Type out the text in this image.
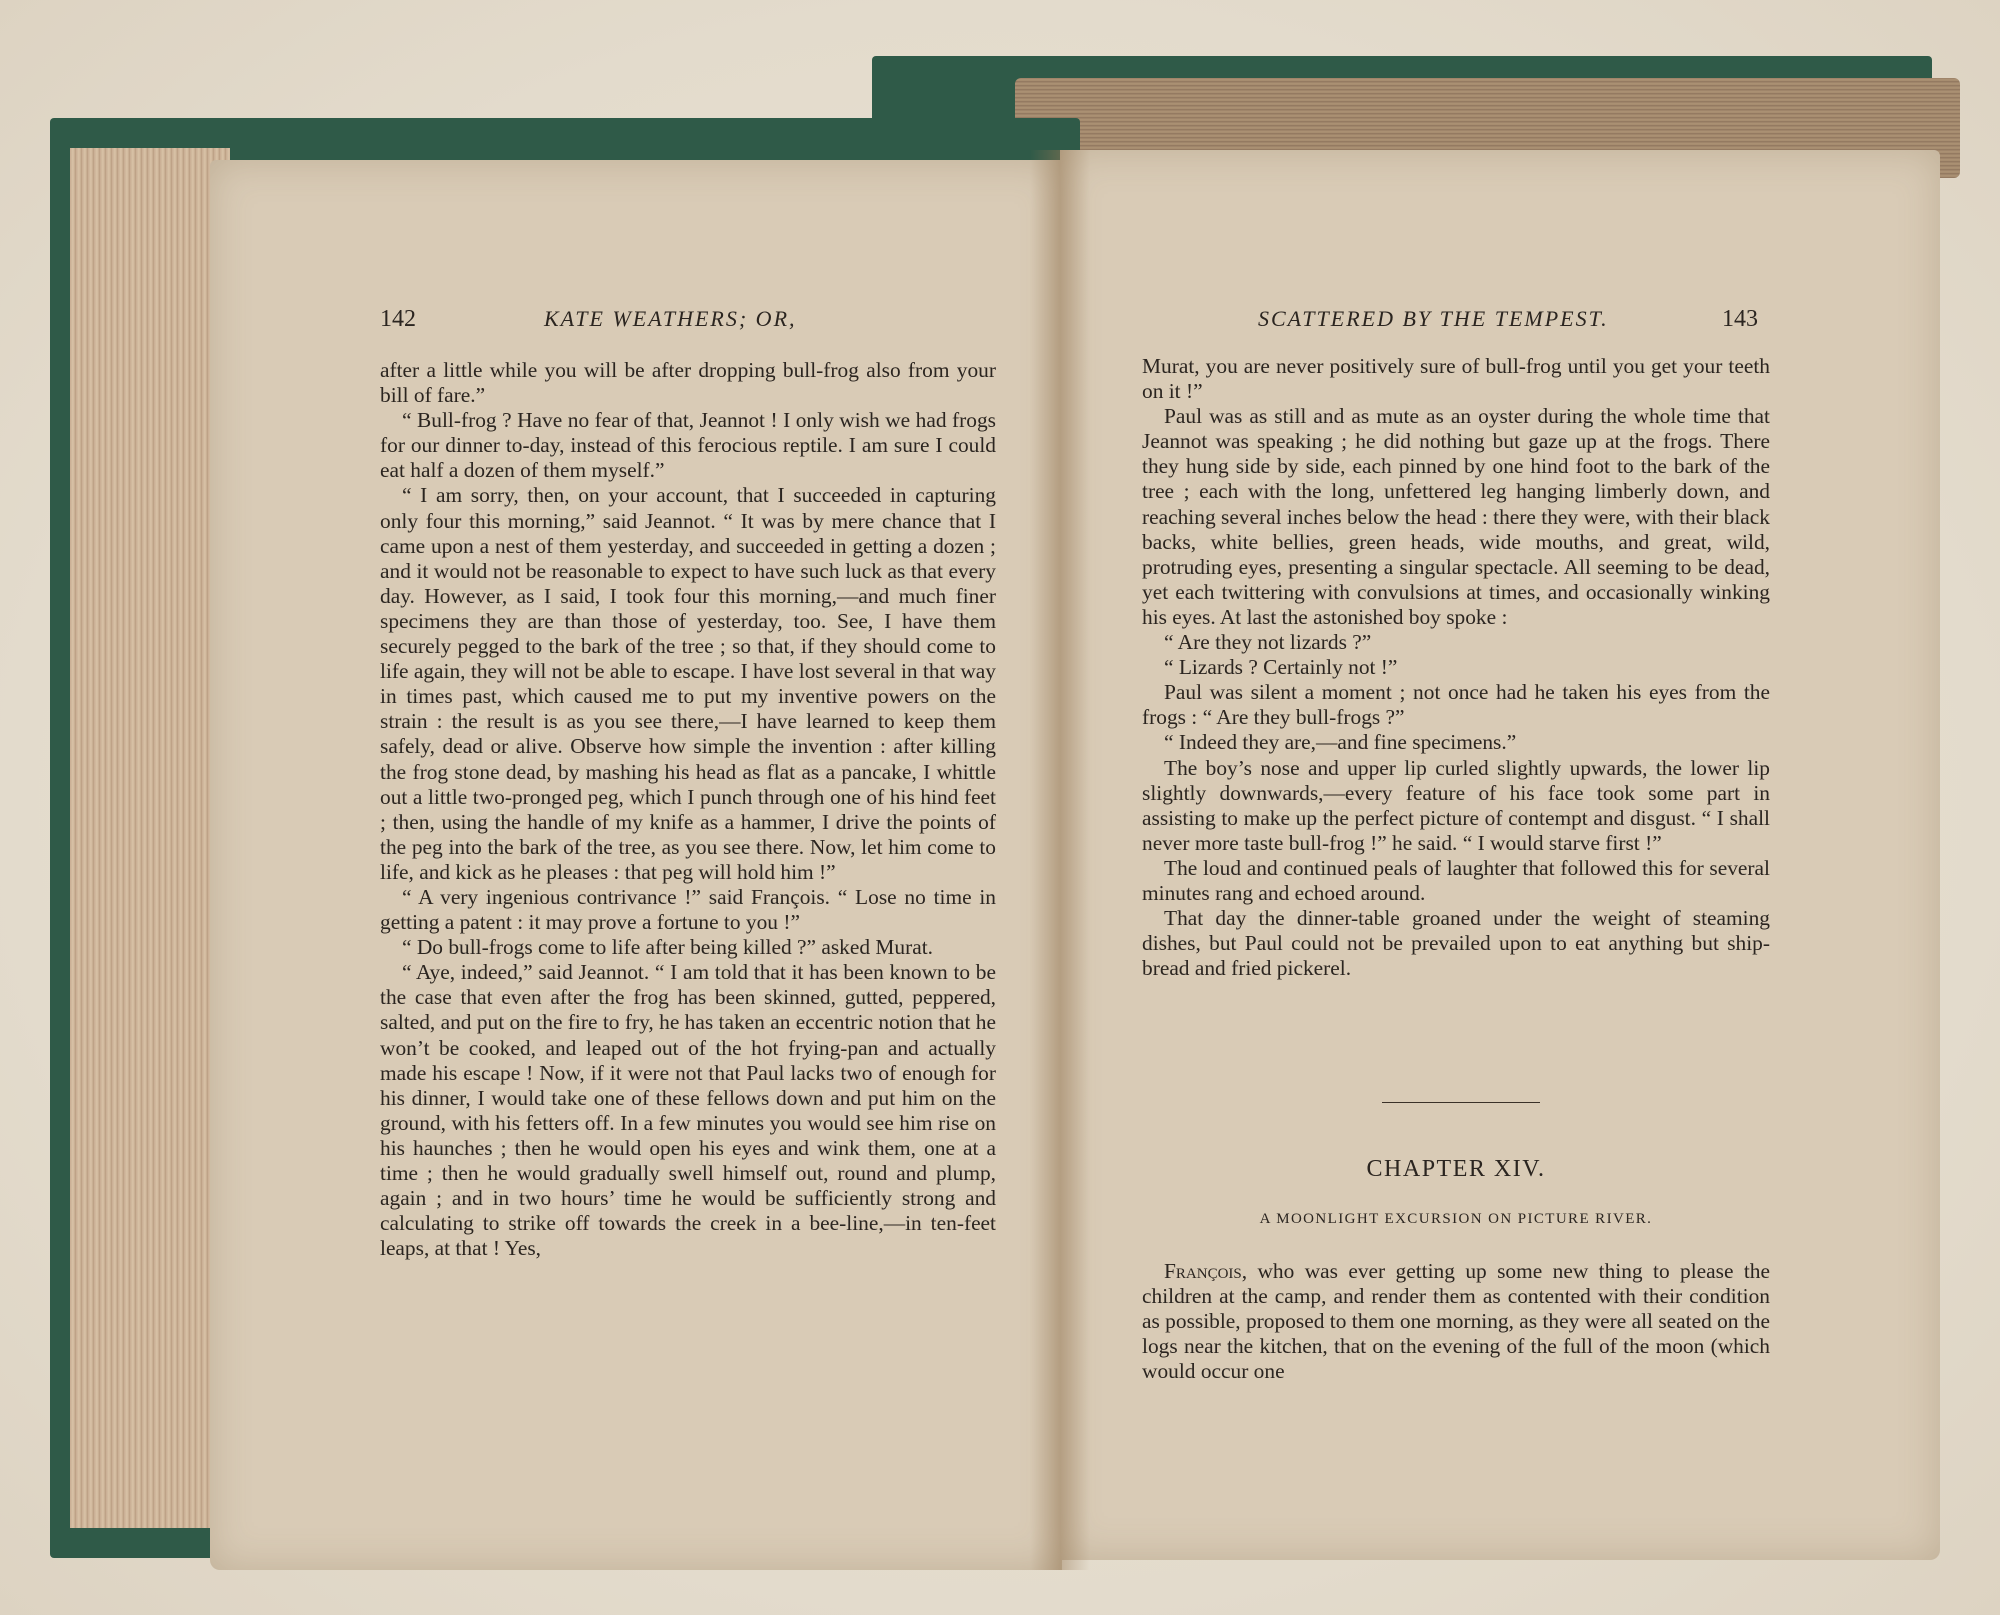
142	KATE WEATHERS; OR,	SCATTERED BY THE TEMPEST.	143

after a little while you will be after dropping bull-frog also from your bill of fare.”

“ Bull-frog ? Have no fear of that, Jeannot ! I only wish we had frogs for our dinner to-day, instead of this ferocious reptile. I am sure I could eat half a dozen of them myself.”

“ I am sorry, then, on your account, that I succeeded in capturing only four this morning,” said Jeannot. “ It was by mere chance that I came upon a nest of them yesterday, and succeeded in getting a dozen ; and it would not be reasonable to expect to have such luck as that every day. However, as I said, I took four this morning,—and much finer specimens they are than those of yesterday, too. See, I have them securely pegged to the bark of the tree ; so that, if they should come to life again, they will not be able to escape. I have lost several in that way in times past, which caused me to put my inventive powers on the strain : the result is as you see there,—I have learned to keep them safely, dead or alive. Observe how simple the invention : after killing the frog stone dead, by mashing his head as flat as a pancake, I whittle out a little two-pronged peg, which I punch through one of his hind feet ; then, using the handle of my knife as a hammer, I drive the points of the peg into the bark of the tree, as you see there. Now, let him come to life, and kick as he pleases : that peg will hold him !”

“ A very ingenious contrivance !” said François. “ Lose no time in getting a patent : it may prove a fortune to you !”

“ Do bull-frogs come to life after being killed ?” asked Murat.

“ Aye, indeed,” said Jeannot. “ I am told that it has been known to be the case that even after the frog has been skinned, gutted, peppered, salted, and put on the fire to fry, he has taken an eccentric notion that he won’t be cooked, and leaped out of the hot frying-pan and actually made his escape ! Now, if it were not that Paul lacks two of enough for his dinner, I would take one of these fellows down and put him on the ground, with his fetters off. In a few minutes you would see him rise on his haunches ; then he would open his eyes and wink them, one at a time ; then he would gradually swell himself out, round and plump, again ; and in two hours’ time he would be sufficiently strong and calculating to strike off towards the creek in a bee-line,—in ten-feet leaps, at that ! Yes,

Murat, you are never positively sure of bull-frog until you get your teeth on it !”

Paul was as still and as mute as an oyster during the whole time that Jeannot was speaking ; he did nothing but gaze up at the frogs. There they hung side by side, each pinned by one hind foot to the bark of the tree ; each with the long, unfettered leg hanging limberly down, and reaching several inches below the head : there they were, with their black backs, white bellies, green heads, wide mouths, and great, wild, protruding eyes, presenting a singular spectacle. All seeming to be dead, yet each twittering with convulsions at times, and occasionally winking his eyes. At last the astonished boy spoke :

“ Are they not lizards ?”

“ Lizards ? Certainly not !”

Paul was silent a moment ; not once had he taken his eyes from the frogs : “ Are they bull-frogs ?”

“ Indeed they are,—and fine specimens.”

The boy’s nose and upper lip curled slightly upwards, the lower lip slightly downwards,—every feature of his face took some part in assisting to make up the perfect picture of contempt and disgust. “ I shall never more taste bull-frog !” he said. “ I would starve first !”

The loud and continued peals of laughter that followed this for several minutes rang and echoed around.

That day the dinner-table groaned under the weight of steaming dishes, but Paul could not be prevailed upon to eat anything but ship-bread and fried pickerel.

CHAPTER XIV.
A MOONLIGHT EXCURSION ON PICTURE RIVER.

François, who was ever getting up some new thing to please the children at the camp, and render them as contented with their condition as possible, proposed to them one morning, as they were all seated on the logs near the kitchen, that on the evening of the full of the moon (which would occur one
